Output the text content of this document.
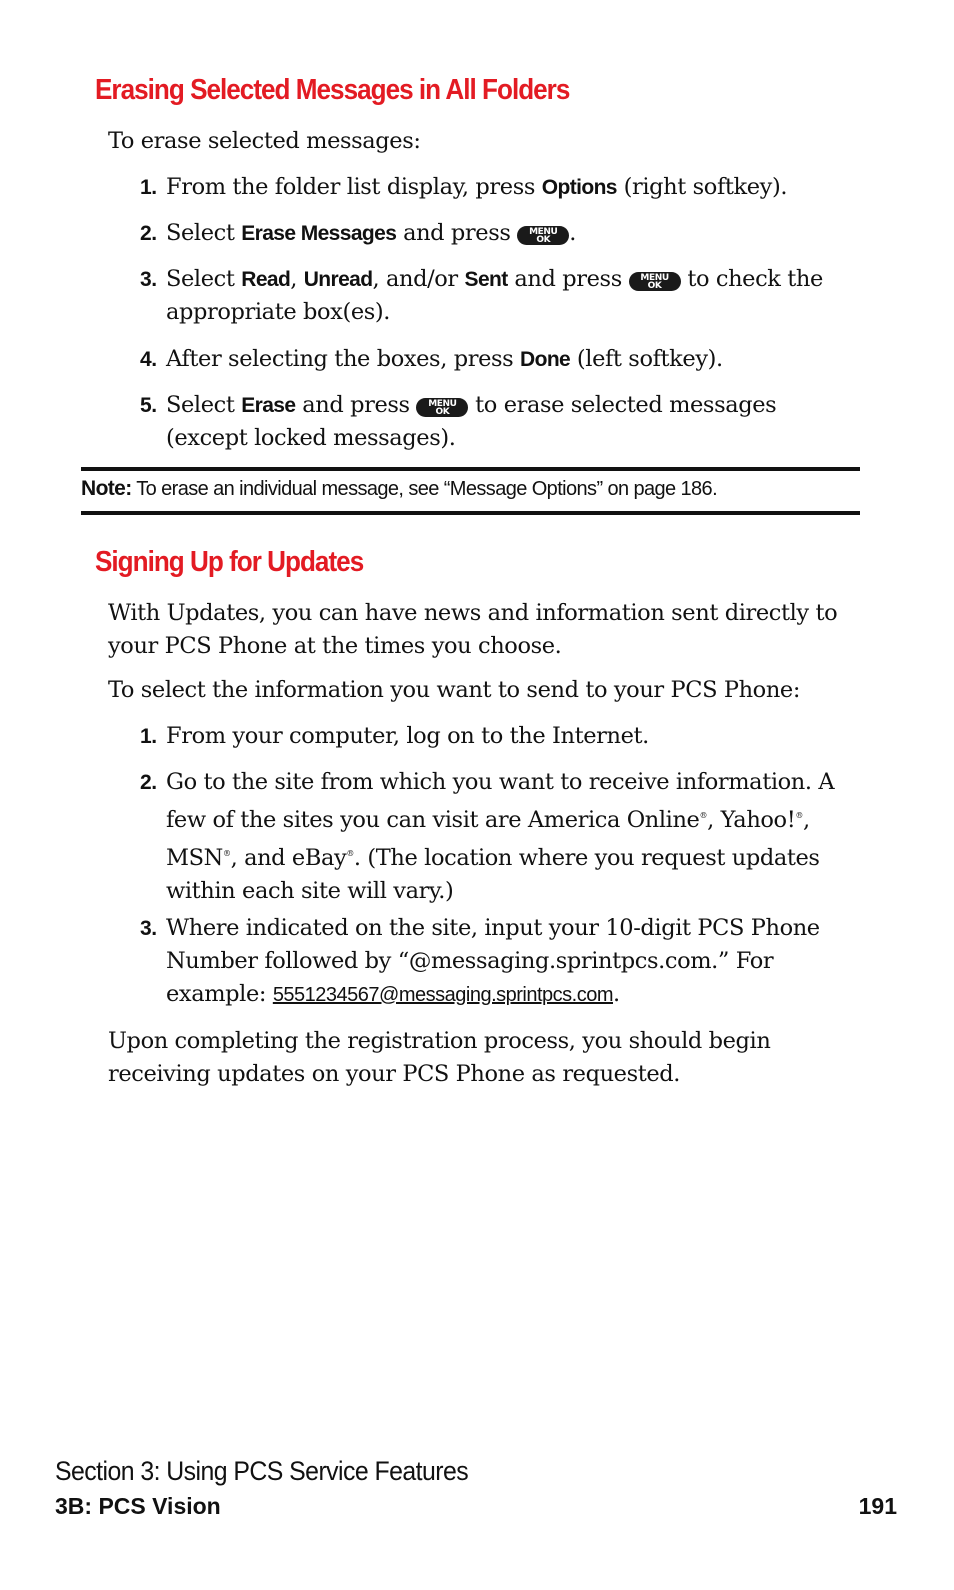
Erasing Selected Messages in All Folders

To erase selected messages:

1. From the folder list display, press Options (right softkey).
2. Select Erase Messages and press	MENU
OK .
3. Select Read, Unread, and/or Sent and press	MENU
OK to check the appropriate box(es).
4. After selecting the boxes, press Done (left softkey).
5. Select Erase and press	MENU
OK to erase selected messages (except locked messages).
Note: To erase an individual message, see “Message Options” on page 186.
Signing Up for Updates

With Updates, you can have news and information sent directly to your PCS Phone at the times you choose.

To select the information you want to send to your PCS Phone:

1. From your computer, log on to the Internet.
2. Go to the site from which you want to receive information. A few of the sites you can visit are America Online®, Yahoo!®, MSN®, and eBay®. (The location where you request updates within each site will vary.)
3. Where indicated on the site, input your 10-digit PCS Phone Number followed by “@messaging.sprintpcs.com.” For example: 5551234567@messaging.sprintpcs.com.

Upon completing the registration process, you should begin receiving updates on your PCS Phone as requested.

Section 3: Using PCS Service Features

3B: PCS Vision	191
